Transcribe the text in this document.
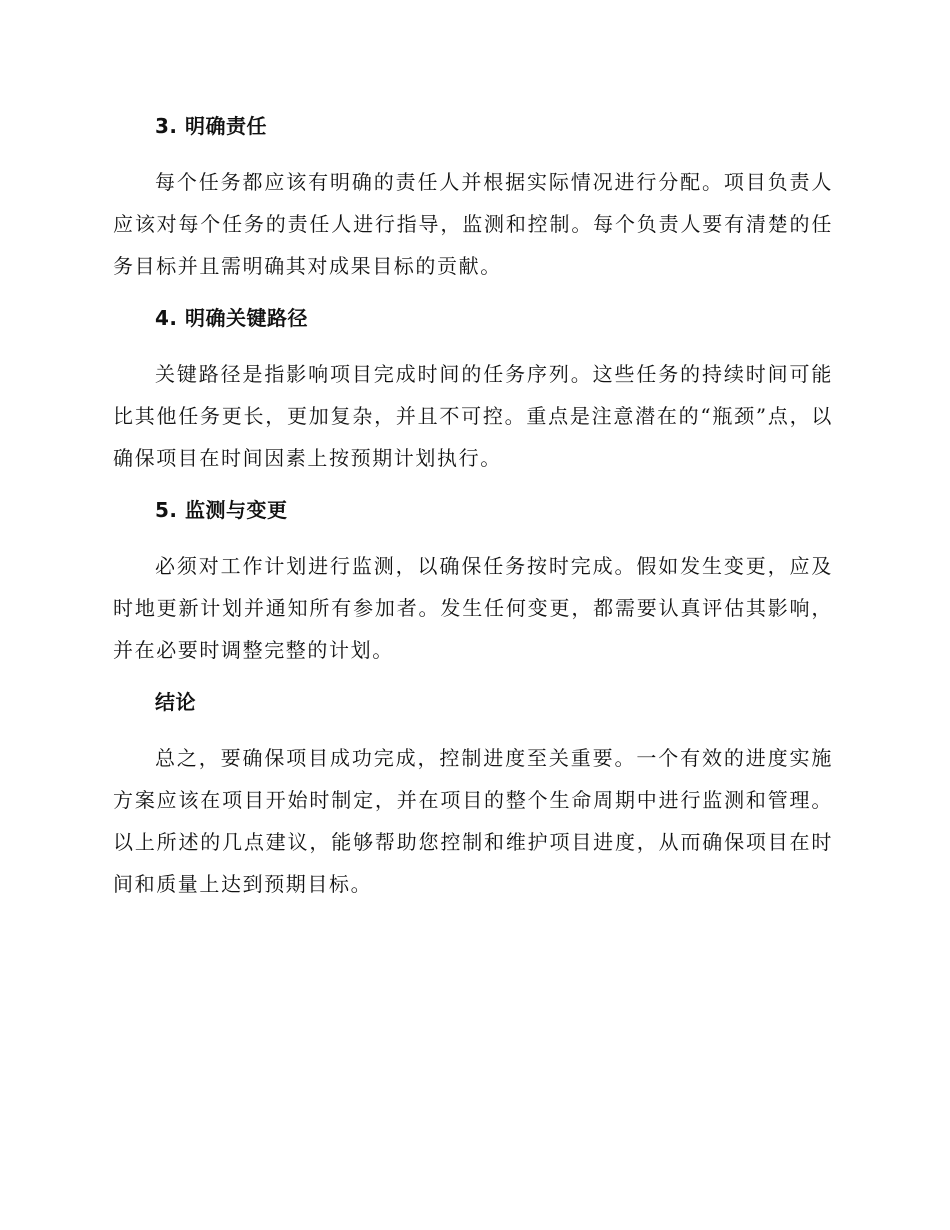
3. 明确责任

每个任务都应该有明确的责任人并根据实际情况进行分配。项目负责人应该对每个任务的责任人进行指导，监测和控制。每个负责人要有清楚的任务目标并且需明确其对成果目标的贡献。

4. 明确关键路径

关键路径是指影响项目完成时间的任务序列。这些任务的持续时间可能比其他任务更长，更加复杂，并且不可控。重点是注意潜在的“瓶颈”点，以确保项目在时间因素上按预期计划执行。

5. 监测与变更

必须对工作计划进行监测，以确保任务按时完成。假如发生变更，应及时地更新计划并通知所有参加者。发生任何变更，都需要认真评估其影响，并在必要时调整完整的计划。

结论

总之，要确保项目成功完成，控制进度至关重要。一个有效的进度实施方案应该在项目开始时制定，并在项目的整个生命周期中进行监测和管理。以上所述的几点建议，能够帮助您控制和维护项目进度，从而确保项目在时间和质量上达到预期目标。
